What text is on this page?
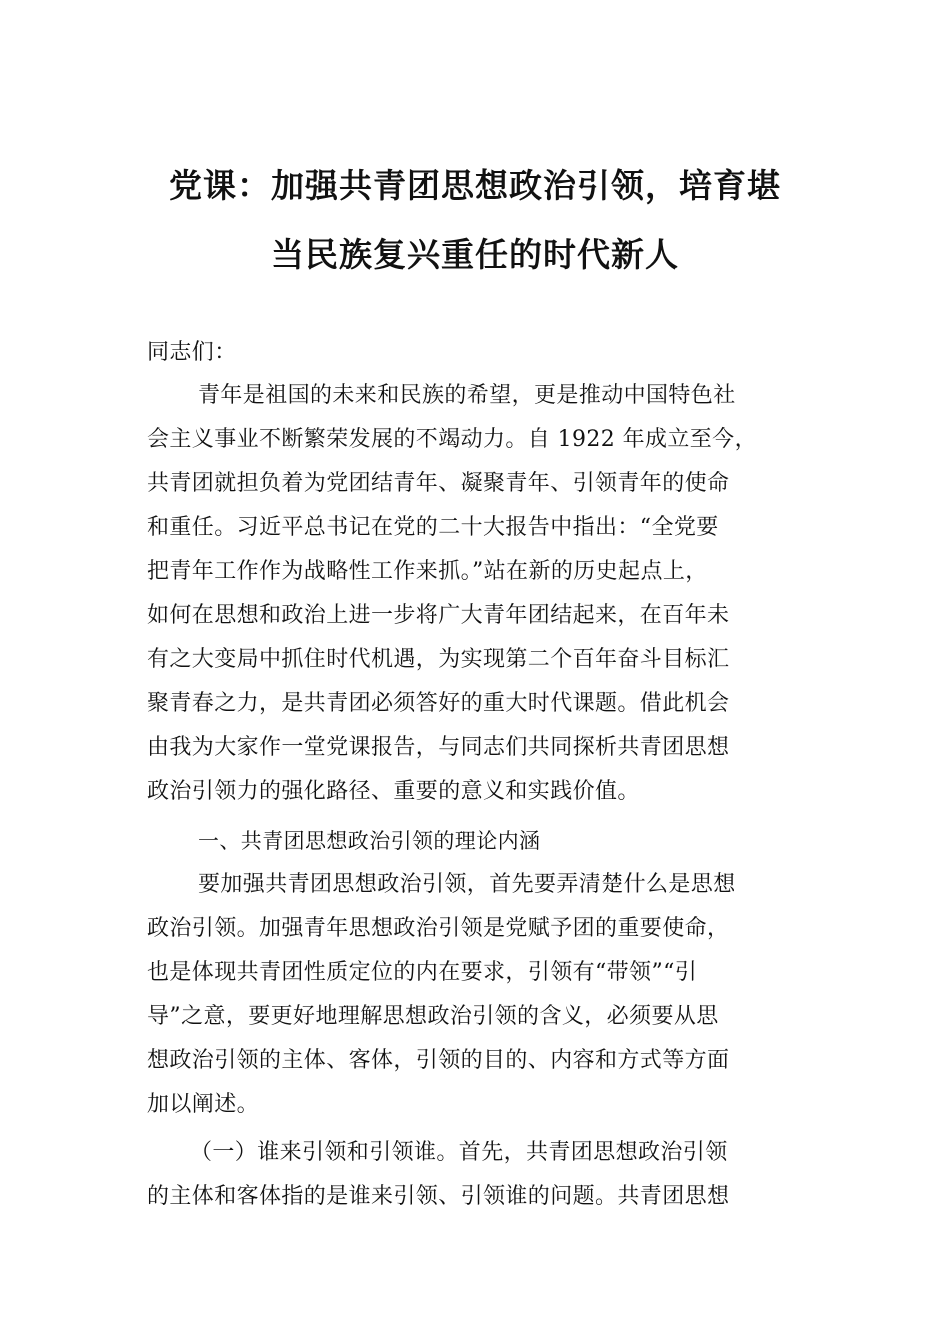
党课：加强共青团思想政治引领，培育堪
当民族复兴重任的时代新人
同志们：
青年是祖国的未来和民族的希望，更是推动中国特色社
会主义事业不断繁荣发展的不竭动力。自 1922 年成立至今，
共青团就担负着为党团结青年、凝聚青年、引领青年的使命
和重任。习近平总书记在党的二十大报告中指出：“全党要
把青年工作作为战略性工作来抓。”站在新的历史起点上，
如何在思想和政治上进一步将广大青年团结起来，在百年未
有之大变局中抓住时代机遇，为实现第二个百年奋斗目标汇
聚青春之力，是共青团必须答好的重大时代课题。借此机会
由我为大家作一堂党课报告，与同志们共同探析共青团思想
政治引领力的强化路径、重要的意义和实践价值。
一、共青团思想政治引领的理论内涵
要加强共青团思想政治引领，首先要弄清楚什么是思想
政治引领。加强青年思想政治引领是党赋予团的重要使命，
也是体现共青团性质定位的内在要求，引领有“带领”“引
导”之意，要更好地理解思想政治引领的含义，必须要从思
想政治引领的主体、客体，引领的目的、内容和方式等方面
加以阐述。
（一）谁来引领和引领谁。首先，共青团思想政治引领
的主体和客体指的是谁来引领、引领谁的问题。共青团思想
